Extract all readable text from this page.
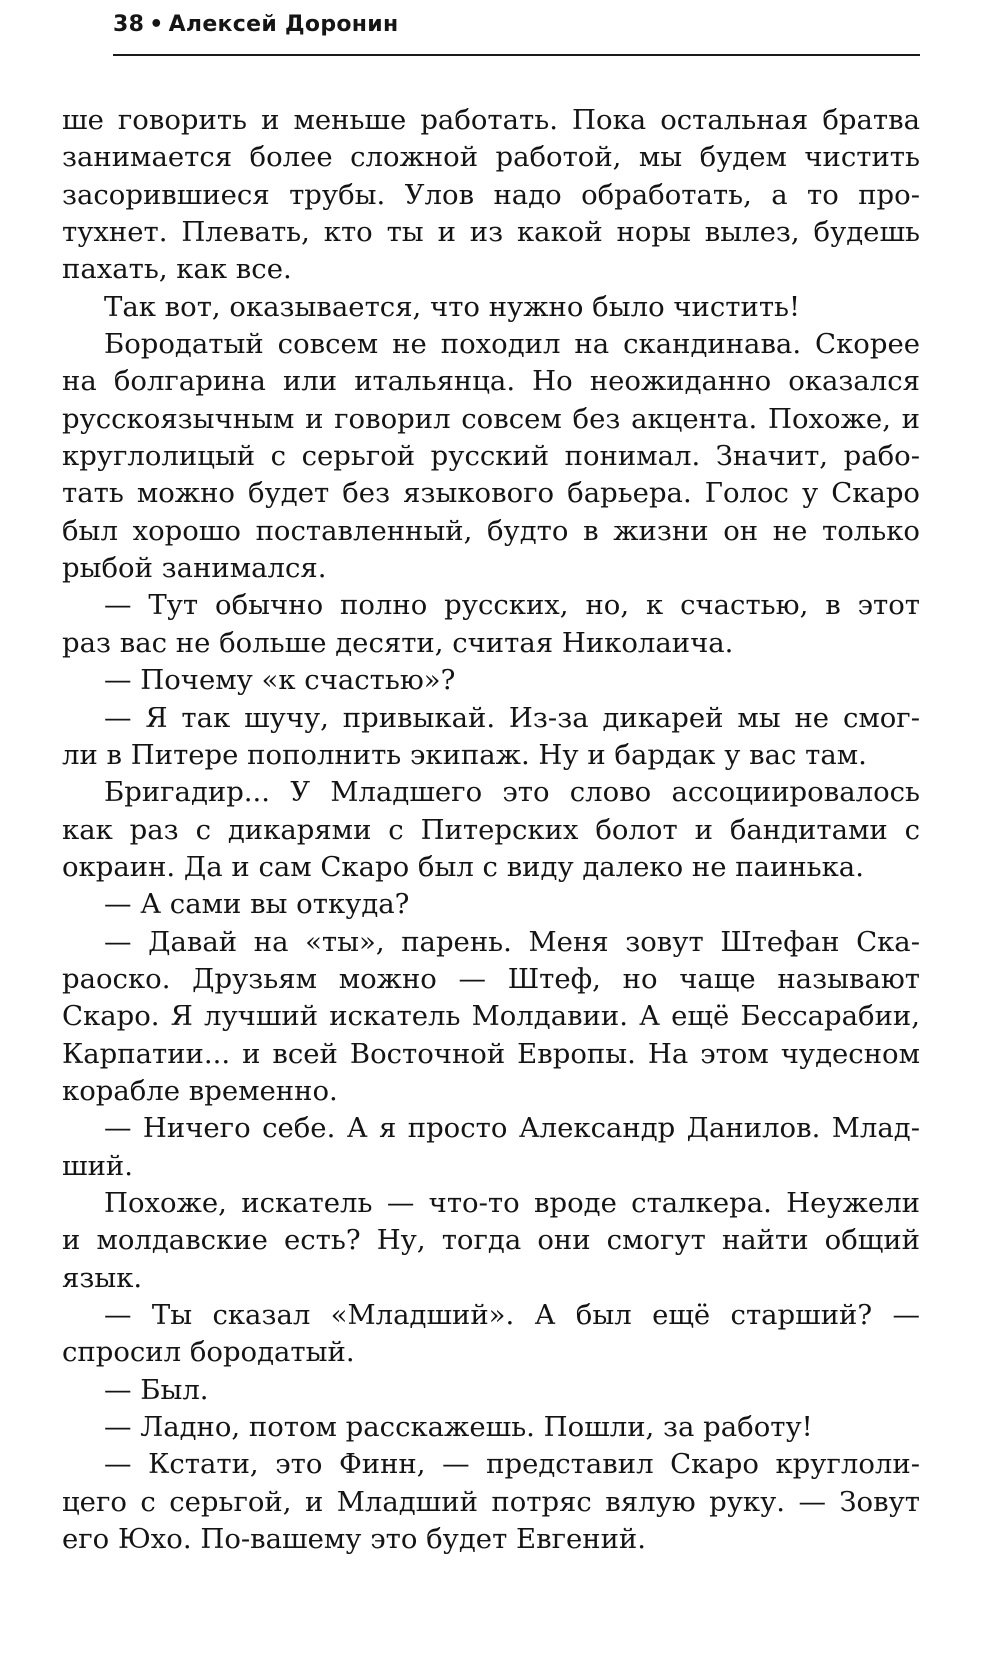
38 • Алексей Доронин
ше говорить и меньше работать. Пока остальная братва
занимается более сложной работой, мы будем чистить
засорившиеся трубы. Улов надо обработать, а то про-
тухнет. Плевать, кто ты и из какой норы вылез, будешь
пахать, как все.
Так вот, оказывается, что нужно было чистить!
Бородатый совсем не походил на скандинава. Скорее
на болгарина или итальянца. Но неожиданно оказался
русскоязычным и говорил совсем без акцента. Похоже, и
круглолицый с серьгой русский понимал. Значит, рабо-
тать можно будет без языкового барьера. Голос у Скаро
был хорошо поставленный, будто в жизни он не только
рыбой занимался.
— Тут обычно полно русских, но, к счастью, в этот
раз вас не больше десяти, считая Николаича.
— Почему «к счастью»?
— Я так шучу, привыкай. Из-за дикарей мы не смог-
ли в Питере пополнить экипаж. Ну и бардак у вас там.
Бригадир... У Младшего это слово ассоциировалось
как раз с дикарями с Питерских болот и бандитами с
окраин. Да и сам Скаро был с виду далеко не паинька.
— А сами вы откуда?
— Давай на «ты», парень. Меня зовут Штефан Ска-
раоско. Друзьям можно — Штеф, но чаще называют
Скаро. Я лучший искатель Молдавии. А ещё Бессарабии,
Карпатии... и всей Восточной Европы. На этом чудесном
корабле временно.
— Ничего себе. А я просто Александр Данилов. Млад-
ший.
Похоже, искатель — что-то вроде сталкера. Неужели
и молдавские есть? Ну, тогда они смогут найти общий
язык.
— Ты сказал «Младший». А был ещё старший? —
спросил бородатый.
— Был.
— Ладно, потом расскажешь. Пошли, за работу!
— Кстати, это Финн, — представил Скаро круглоли-
цего с серьгой, и Младший потряс вялую руку. — Зовут
его Юхо. По-вашему это будет Евгений.
